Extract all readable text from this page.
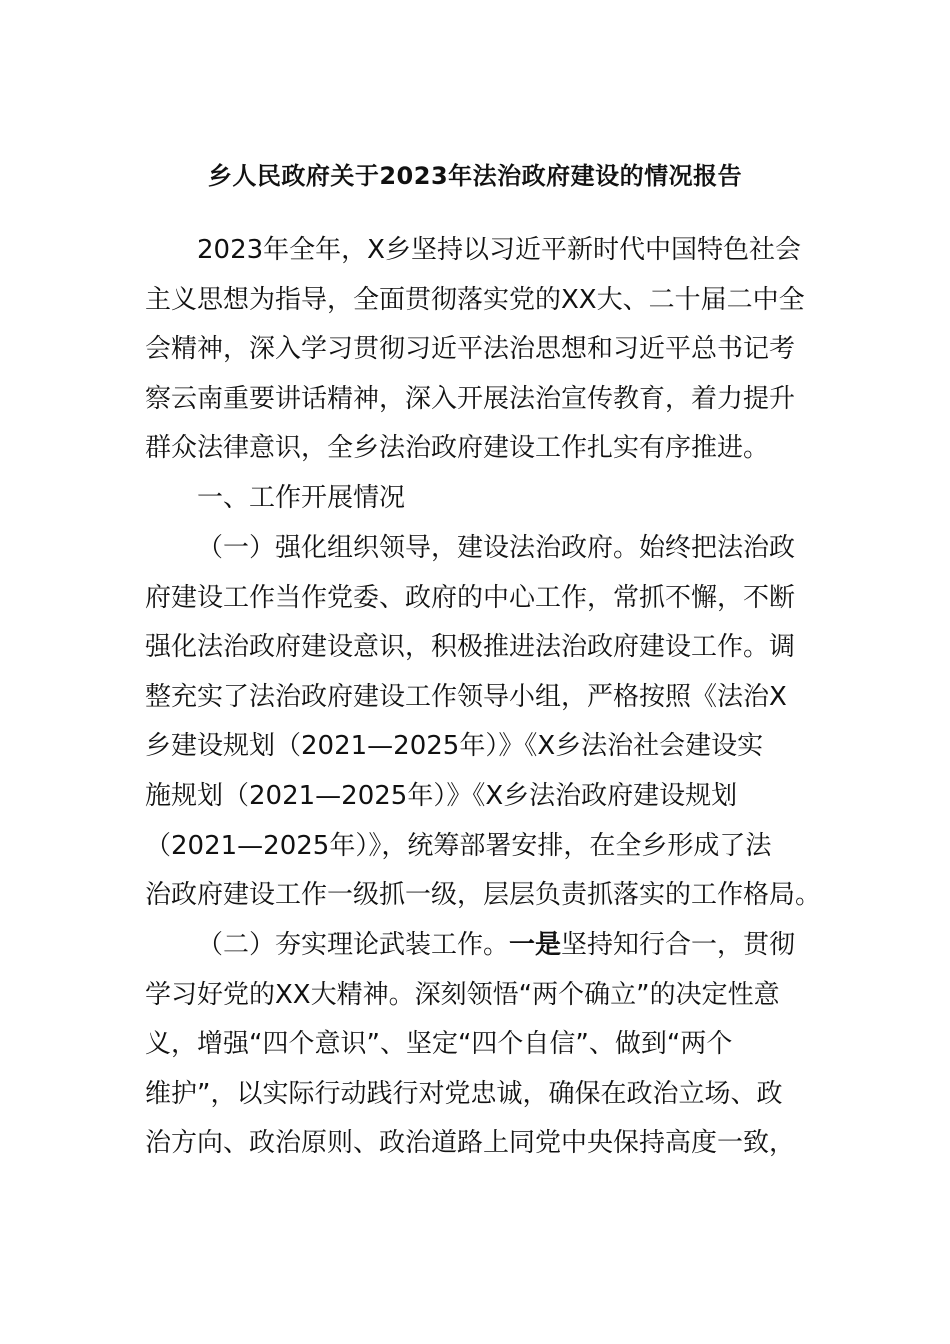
乡人民政府关于2023年法治政府建设的情况报告
2023年全年，X乡坚持以习近平新时代中国特色社会
主义思想为指导，全面贯彻落实党的XX大、二十届二中全
会精神，深入学习贯彻习近平法治思想和习近平总书记考
察云南重要讲话精神，深入开展法治宣传教育，着力提升
群众法律意识，全乡法治政府建设工作扎实有序推进。
一、工作开展情况
（一）强化组织领导，建设法治政府。始终把法治政
府建设工作当作党委、政府的中心工作，常抓不懈，不断
强化法治政府建设意识，积极推进法治政府建设工作。调
整充实了法治政府建设工作领导小组，严格按照《法治X
乡建设规划（2021—2025年）》《X乡法治社会建设实
施规划（2021—2025年）》《X乡法治政府建设规划
（2021—2025年）》，统筹部署安排，在全乡形成了法
治政府建设工作一级抓一级，层层负责抓落实的工作格局。
（二）夯实理论武装工作。一是坚持知行合一，贯彻
学习好党的XX大精神。深刻领悟“两个确立”的决定性意
义，增强“四个意识”、坚定“四个自信”、做到“两个
维护”，以实际行动践行对党忠诚，确保在政治立场、政
治方向、政治原则、政治道路上同党中央保持高度一致，
